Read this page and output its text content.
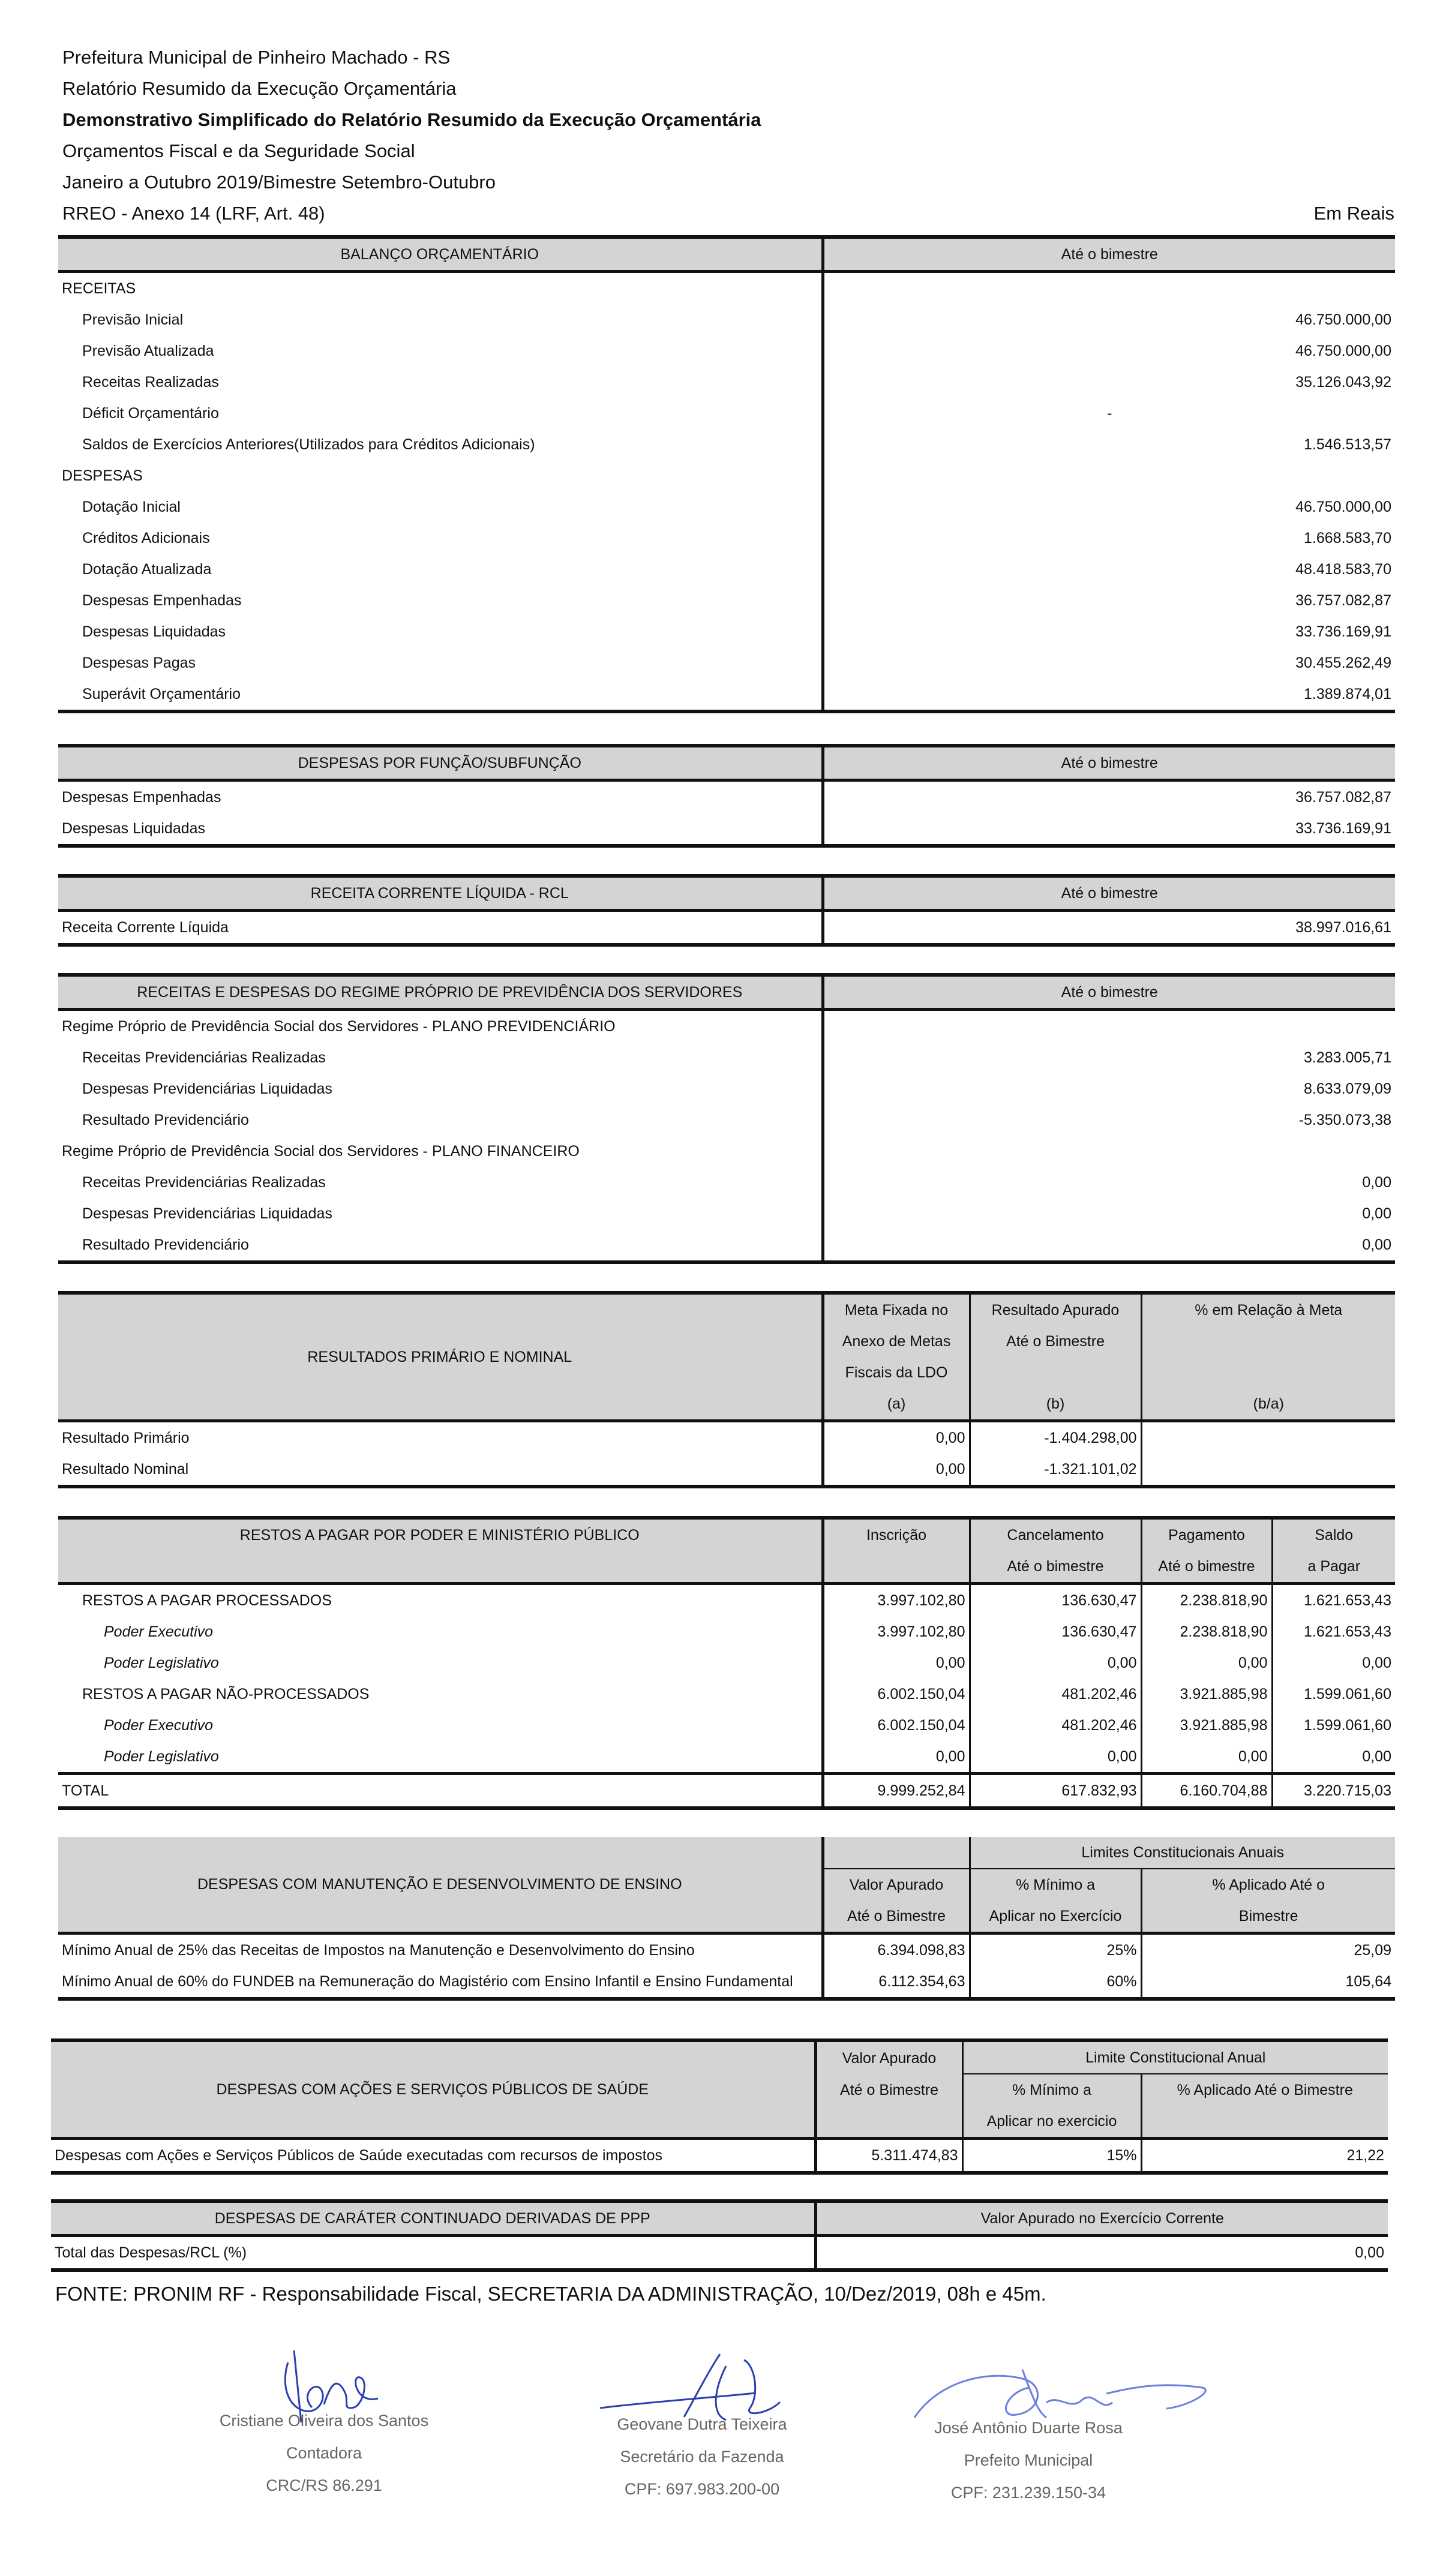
Prefeitura Municipal de Pinheiro Machado - RS
Relatório Resumido da Execução Orçamentária
Demonstrativo Simplificado do Relatório Resumido da Execução Orçamentária
Orçamentos Fiscal e da Seguridade Social
Janeiro a Outubro 2019/Bimestre Setembro-Outubro
RREO - Anexo 14 (LRF, Art. 48)	Em Reais
BALANÇO ORÇAMENTÁRIO	Até o bimestre
RECEITAS	
Previsão Inicial	46.750.000,00
Previsão Atualizada	46.750.000,00
Receitas Realizadas	35.126.043,92
Déficit Orçamentário	-
Saldos de Exercícios Anteriores(Utilizados para Créditos Adicionais)	1.546.513,57
DESPESAS	
Dotação Inicial	46.750.000,00
Créditos Adicionais	1.668.583,70
Dotação Atualizada	48.418.583,70
Despesas Empenhadas	36.757.082,87
Despesas Liquidadas	33.736.169,91
Despesas Pagas	30.455.262,49
Superávit Orçamentário	1.389.874,01
DESPESAS POR FUNÇÃO/SUBFUNÇÃO	Até o bimestre
Despesas Empenhadas	36.757.082,87
Despesas Liquidadas	33.736.169,91
RECEITA CORRENTE LÍQUIDA - RCL	Até o bimestre
Receita Corrente Líquida	38.997.016,61
RECEITAS E DESPESAS DO REGIME PRÓPRIO DE PREVIDÊNCIA DOS SERVIDORES	Até o bimestre
Regime Próprio de Previdência Social dos Servidores - PLANO PREVIDENCIÁRIO	
Receitas Previdenciárias Realizadas	3.283.005,71
Despesas Previdenciárias Liquidadas	8.633.079,09
Resultado Previdenciário	-5.350.073,38
Regime Próprio de Previdência Social dos Servidores - PLANO FINANCEIRO	
Receitas Previdenciárias Realizadas	0,00
Despesas Previdenciárias Liquidadas	0,00
Resultado Previdenciário	0,00
RESULTADOS PRIMÁRIO E NOMINAL	Meta Fixada no	Resultado Apurado	% em Relação à Meta
	Anexo de Metas	Até o Bimestre	
	Fiscais da LDO		
	(a)	(b)	(b/a)
Resultado Primário	0,00	-1.404.298,00	
Resultado Nominal	0,00	-1.321.101,02	
RESTOS A PAGAR POR PODER E MINISTÉRIO PÚBLICO	Inscrição	Cancelamento	Pagamento	Saldo
		Até o bimestre	Até o bimestre	a Pagar
RESTOS A PAGAR PROCESSADOS	3.997.102,80	136.630,47	2.238.818,90	1.621.653,43
Poder Executivo	3.997.102,80	136.630,47	2.238.818,90	1.621.653,43
Poder Legislativo	0,00	0,00	0,00	0,00
RESTOS A PAGAR NÃO-PROCESSADOS	6.002.150,04	481.202,46	3.921.885,98	1.599.061,60
Poder Executivo	6.002.150,04	481.202,46	3.921.885,98	1.599.061,60
Poder Legislativo	0,00	0,00	0,00	0,00
TOTAL	9.999.252,84	617.832,93	6.160.704,88	3.220.715,03
DESPESAS COM MANUTENÇÃO E DESENVOLVIMENTO DE ENSINO		Limites Constitucionais Anuais	
	Valor Apurado	% Mínimo a	% Aplicado Até o
	Até o Bimestre	Aplicar no Exercício	Bimestre
Mínimo Anual de 25% das Receitas de Impostos na Manutenção e Desenvolvimento do Ensino	6.394.098,83	25%	25,09
Mínimo Anual de 60% do FUNDEB na Remuneração do Magistério com Ensino Infantil e Ensino Fundamental	6.112.354,63	60%	105,64
DESPESAS COM AÇÕES E SERVIÇOS PÚBLICOS DE SAÚDE	Valor Apurado	Limite Constitucional Anual	
	Até o Bimestre	% Mínimo a	% Aplicado Até o Bimestre
		Aplicar no exercicio	
Despesas com Ações e Serviços Públicos de Saúde executadas com recursos de impostos	5.311.474,83	15%	21,22
DESPESAS DE CARÁTER CONTINUADO DERIVADAS DE PPP	Valor Apurado no Exercício Corrente
Total das Despesas/RCL (%)	0,00
FONTE: PRONIM RF - Responsabilidade Fiscal, SECRETARIA DA ADMINISTRAÇÃO, 10/Dez/2019, 08h e 45m.
Cristiane Oliveira dos Santos
Contadora
CRC/RS 86.291
Geovane Dutra Teixeira
Secretário da Fazenda
CPF: 697.983.200-00
José Antônio Duarte Rosa
Prefeito Municipal
CPF: 231.239.150-34
